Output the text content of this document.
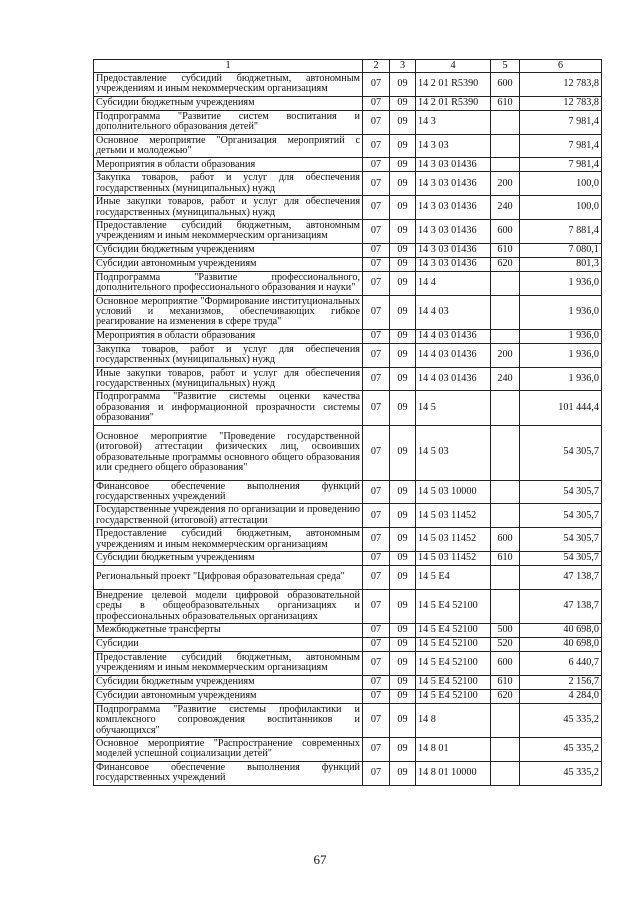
1	2	3	4	5	6
Предоставление субсидий бюджетным, автономным учреждениям и иным некоммерческим организациям	07	09	14 2 01 R5390	600	12 783,8
Субсидии бюджетным учреждениям	07	09	14 2 01 R5390	610	12 783,8
Подпрограмма "Развитие систем воспитания и дополнительного образования детей"	07	09	14 3		7 981,4
Основное мероприятие "Организация мероприятий с детьми и молодежью"	07	09	14 3 03		7 981,4
Мероприятия в области образования	07	09	14 3 03 01436		7 981,4
Закупка товаров, работ и услуг для обеспечения государственных (муниципальных) нужд	07	09	14 3 03 01436	200	100,0
Иные закупки товаров, работ и услуг для обеспечения государственных (муниципальных) нужд	07	09	14 3 03 01436	240	100,0
Предоставление субсидий бюджетным, автономным учреждениям и иным некоммерческим организациям	07	09	14 3 03 01436	600	7 881,4
Субсидии бюджетным учреждениям	07	09	14 3 03 01436	610	7 080,1
Субсидии автономным учреждениям	07	09	14 3 03 01436	620	801,3
Подпрограмма "Развитие профессионального, дополнительного профессионального образования и науки"	07	09	14 4		1 936,0
Основное мероприятие "Формирование институциональных условий и механизмов, обеспечивающих гибкое реагирование на изменения в сфере труда"	07	09	14 4 03		1 936,0
Мероприятия в области образования	07	09	14 4 03 01436		1 936,0
Закупка товаров, работ и услуг для обеспечения государственных (муниципальных) нужд	07	09	14 4 03 01436	200	1 936,0
Иные закупки товаров, работ и услуг для обеспечения государственных (муниципальных) нужд	07	09	14 4 03 01436	240	1 936,0
Подпрограмма "Развитие системы оценки качества образования и информационной прозрачности системы образования"	07	09	14 5		101 444,4
Основное мероприятие "Проведение государственной (итоговой) аттестации физических лиц, освоивших образовательные программы основного общего образования или среднего общего образования"	07	09	14 5 03		54 305,7
Финансовое обеспечение выполнения функций государственных учреждений	07	09	14 5 03 10000		54 305,7
Государственные учреждения по организации и проведению государственной (итоговой) аттестации	07	09	14 5 03 11452		54 305,7
Предоставление субсидий бюджетным, автономным учреждениям и иным некоммерческим организациям	07	09	14 5 03 11452	600	54 305,7
Субсидии бюджетным учреждениям	07	09	14 5 03 11452	610	54 305,7
Региональный проект "Цифровая образовательная среда"	07	09	14 5 E4		47 138,7
Внедрение целевой модели цифровой образовательной среды в общеобразовательных организациях и профессиональных образовательных организациях	07	09	14 5 E4 52100		47 138,7
Межбюджетные трансферты	07	09	14 5 E4 52100	500	40 698,0
Субсидии	07	09	14 5 E4 52100	520	40 698,0
Предоставление субсидий бюджетным, автономным учреждениям и иным некоммерческим организациям	07	09	14 5 E4 52100	600	6 440,7
Субсидии бюджетным учреждениям	07	09	14 5 E4 52100	610	2 156,7
Субсидии автономным учреждениям	07	09	14 5 E4 52100	620	4 284,0
Подпрограмма "Развитие системы профилактики и комплексного сопровождения воспитанников и обучающихся"	07	09	14 8		45 335,2
Основное мероприятие "Распространение современных моделей успешной социализации детей"	07	09	14 8 01		45 335,2
Финансовое обеспечение выполнения функций государственных учреждений	07	09	14 8 01 10000		45 335,2
67
